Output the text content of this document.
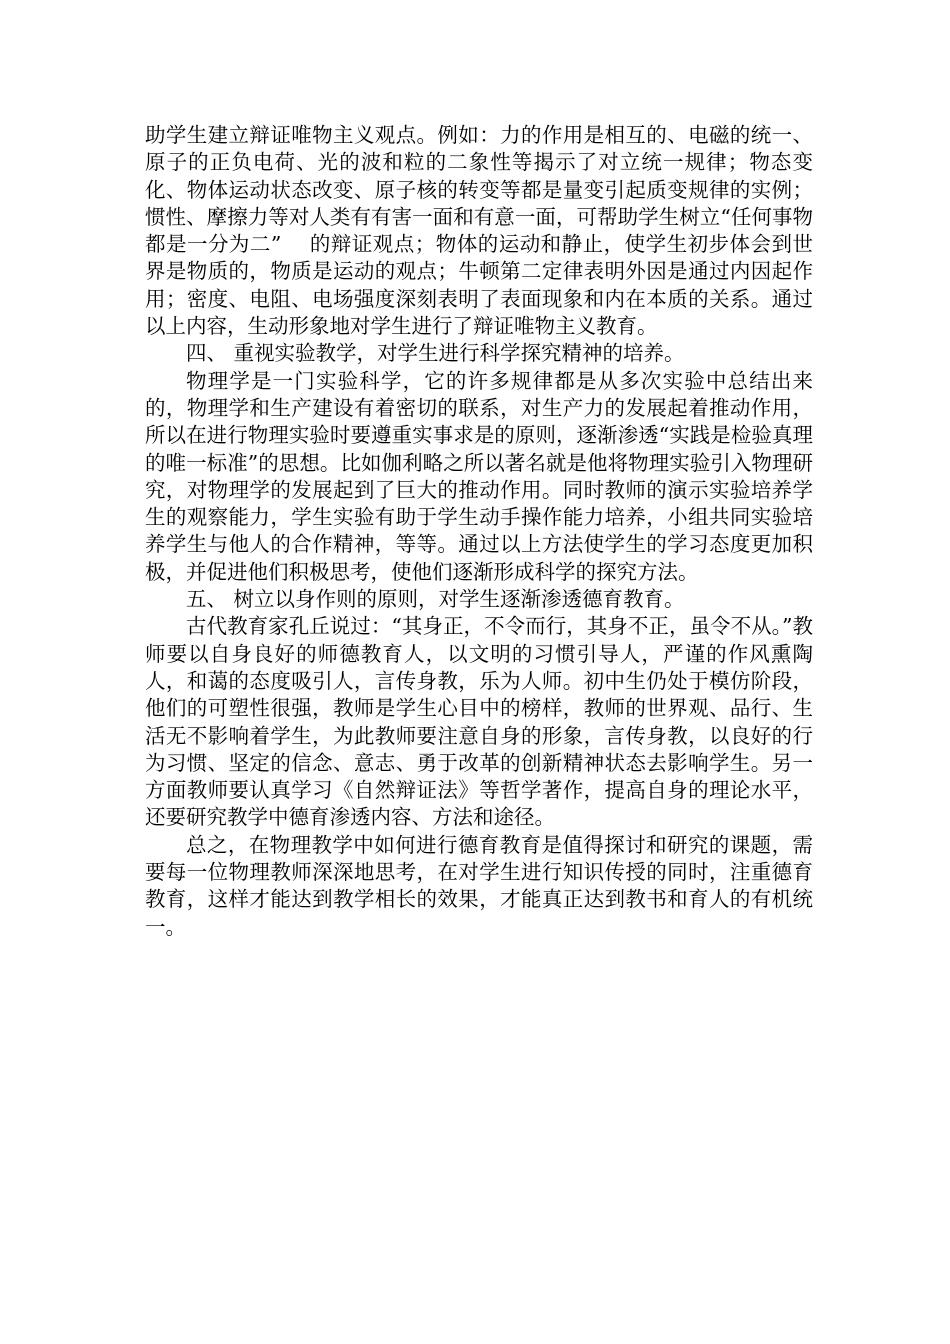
助学生建立辩证唯物主义观点。例如：力的作用是相互的、电磁的统一、原子的正负电荷、光的波和粒的二象性等揭示了对立统一规律；物态变化、物体运动状态改变、原子核的转变等都是量变引起质变规律的实例；惯性、摩擦力等对人类有有害一面和有意一面，可帮助学生树立“任何事物都是一分为二”　 的辩证观点；物体的运动和静止，使学生初步体会到世界是物质的，物质是运动的观点；牛顿第二定律表明外因是通过内因起作用；密度、电阻、电场强度深刻表明了表面现象和内在本质的关系。通过以上内容，生动形象地对学生进行了辩证唯物主义教育。

四、 重视实验教学，对学生进行科学探究精神的培养。

物理学是一门实验科学，它的许多规律都是从多次实验中总结出来　的，物理学和生产建设有着密切的联系，对生产力的发展起着推动作用，所以在进行物理实验时要遵重实事求是的原则，逐渐渗透“实践是检验真理的唯一标准”的思想。比如伽利略之所以著名就是他将物理实验引入物理研究，对物理学的发展起到了巨大的推动作用。同时教师的演示实验培养学生的观察能力，学生实验有助于学生动手操作能力培养，小组共同实验培养学生与他人的合作精神，等等。通过以上方法使学生的学习态度更加积极，并促进他们积极思考，使他们逐渐形成科学的探究方法。

五、 树立以身作则的原则，对学生逐渐渗透德育教育。

古代教育家孔丘说过：“其身正，不令而行，其身不正，虽令不从。”教师要以自身良好的师德教育人，以文明的习惯引导人，严谨的作风熏陶人，和蔼的态度吸引人，言传身教，乐为人师。初中生仍处于模仿阶段，他们的可塑性很强，教师是学生心目中的榜样，教师的世界观、品行、生活无不影响着学生，为此教师要注意自身的形象，言传身教，以良好的行为习惯、坚定的信念、意志、勇于改革的创新精神状态去影响学生。另一方面教师要认真学习《自然辩证法》等哲学著作，提高自身的理论水平，还要研究教学中德育渗透内容、方法和途径。

总之，在物理教学中如何进行德育教育是值得探讨和研究的课题，需要每一位物理教师深深地思考，在对学生进行知识传授的同时，注重德育教育，这样才能达到教学相长的效果，才能真正达到教书和育人的有机统一。
